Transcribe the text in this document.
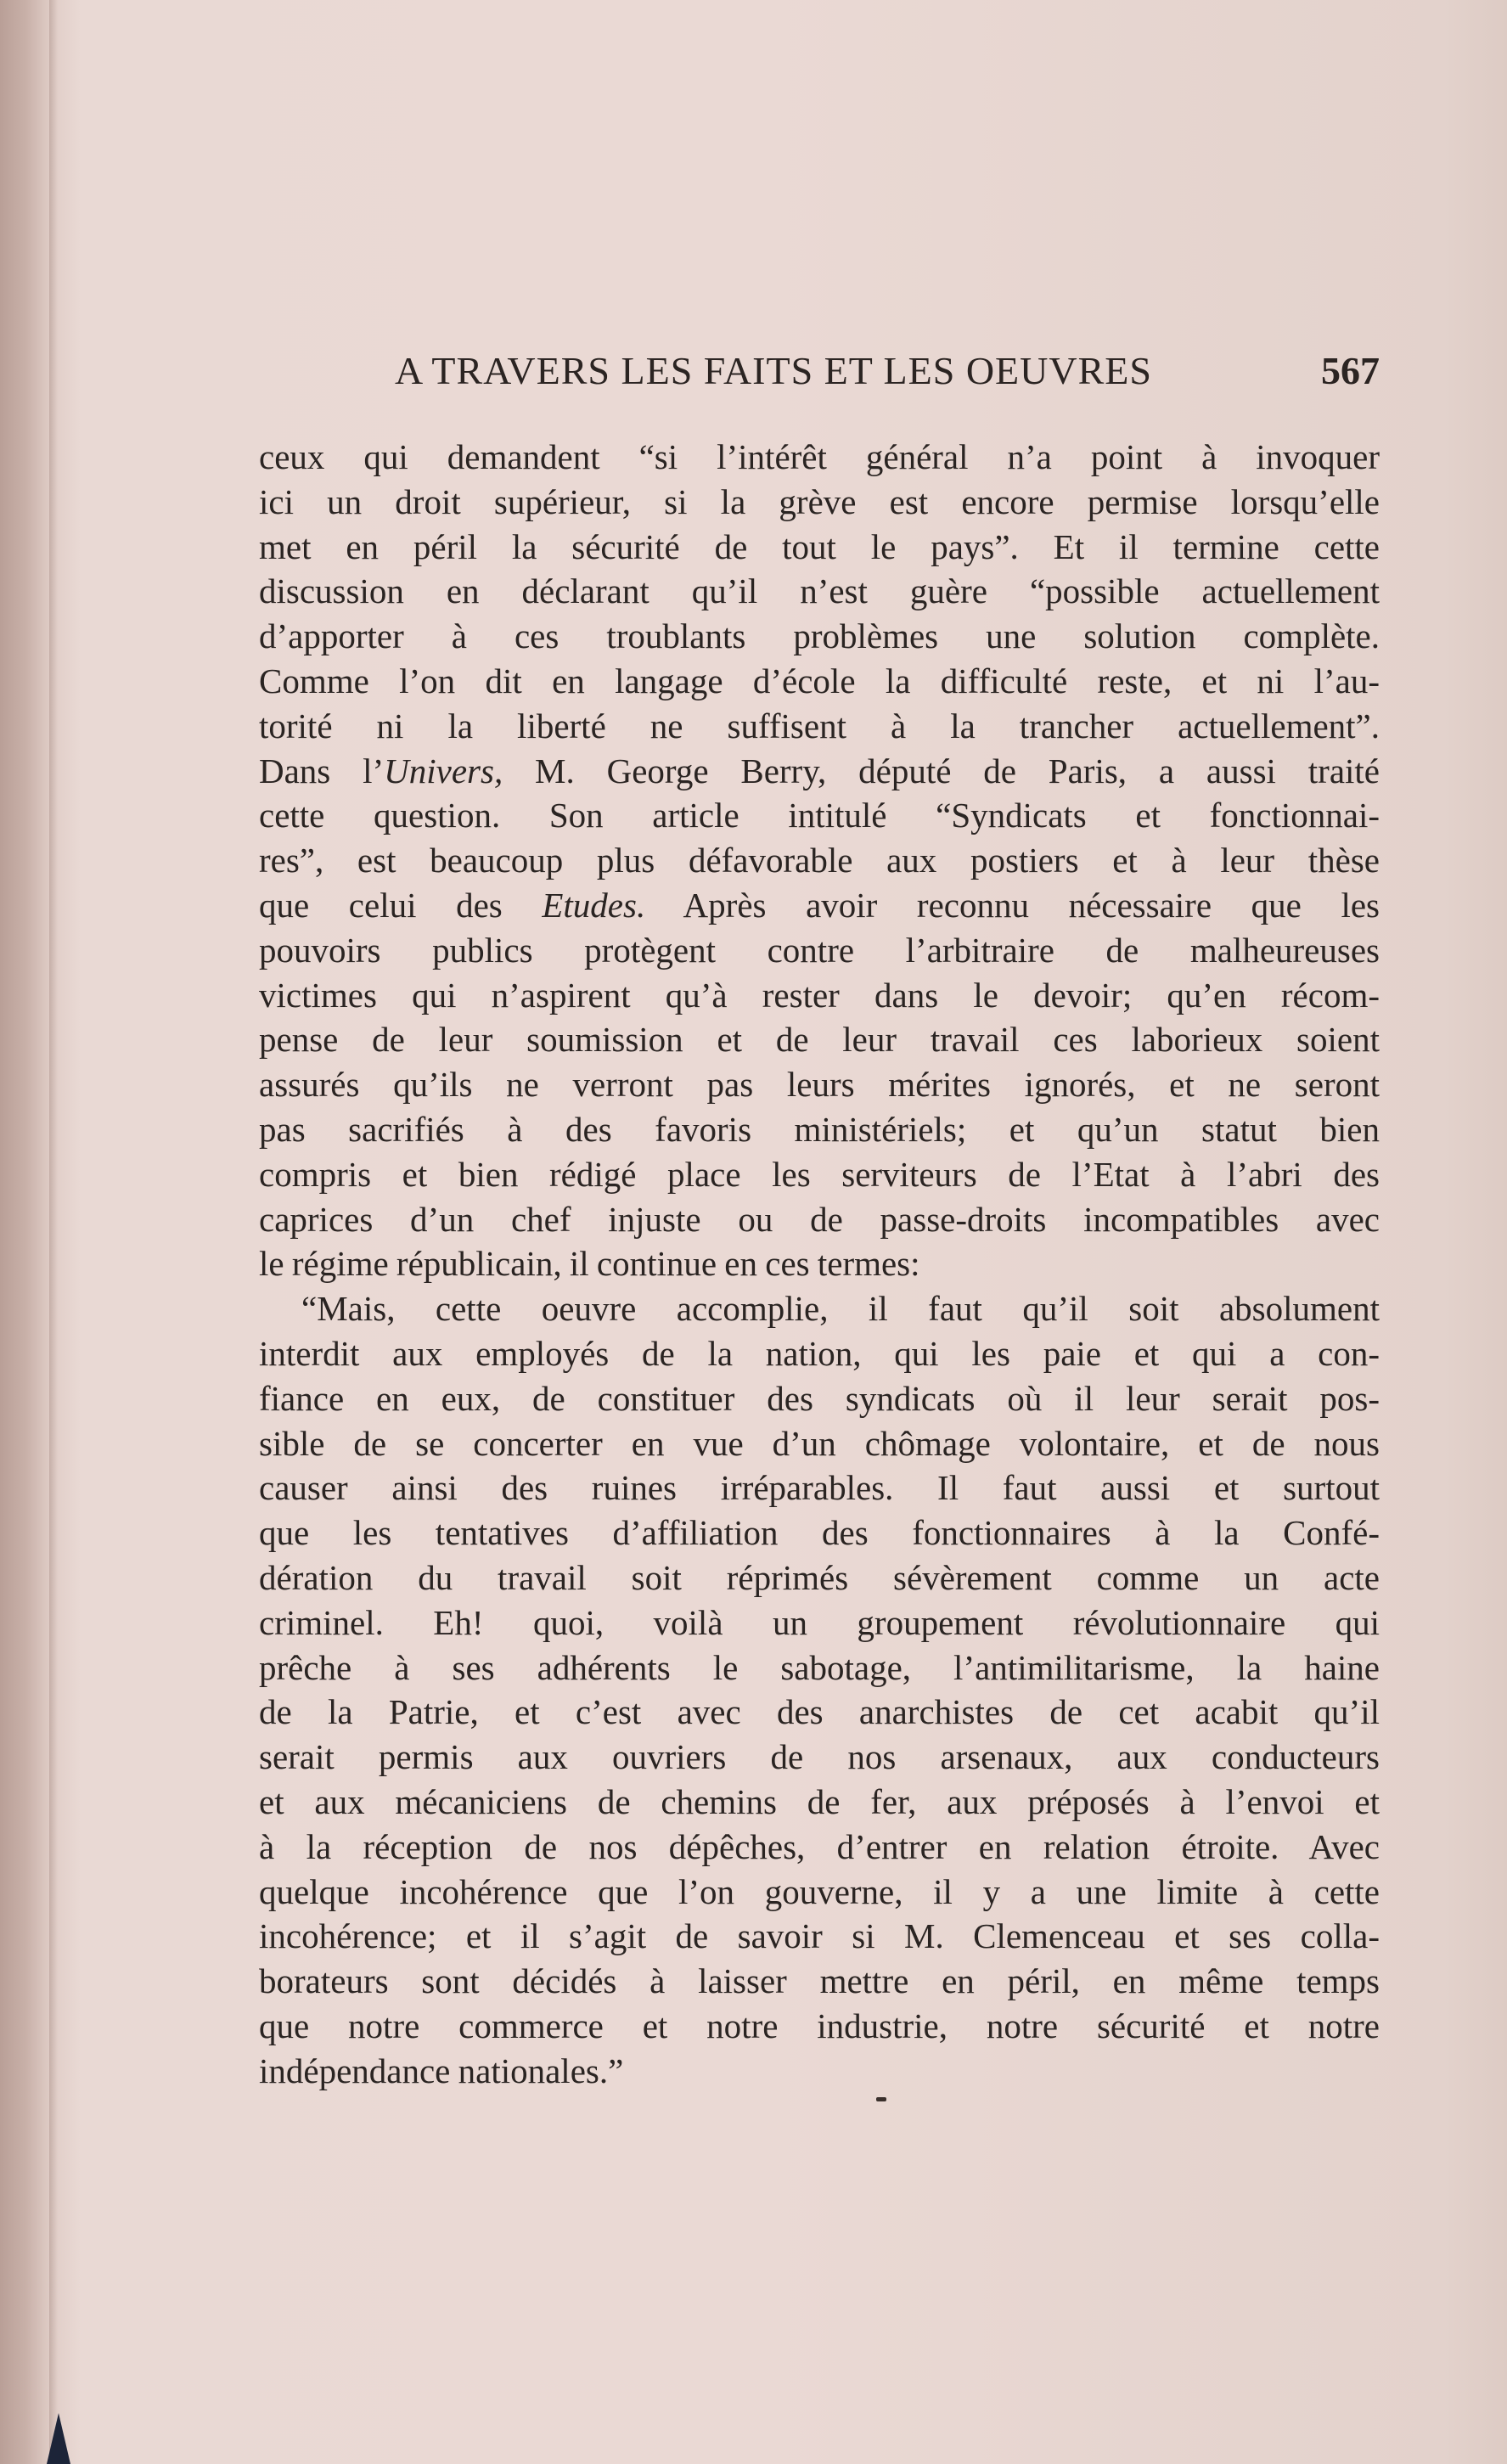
A TRAVERS LES FAITS ET LES OEUVRES	567
ceux qui demandent “si l’intérêt général n’a point à invoquer
ici un droit supérieur, si la grève est encore permise lorsqu’elle
met en péril la sécurité de tout le pays”. Et il termine cette
discussion en déclarant qu’il n’est guère “possible actuellement
d’apporter à ces troublants problèmes une solution complète.
Comme l’on dit en langage d’école la difficulté reste, et ni l’au-
torité ni la liberté ne suffisent à la trancher actuellement”.
Dans l’Univers, M. George Berry, député de Paris, a aussi traité
cette question. Son article intitulé “Syndicats et fonctionnai-
res”, est beaucoup plus défavorable aux postiers et à leur thèse
que celui des Etudes. Après avoir reconnu nécessaire que les
pouvoirs publics protègent contre l’arbitraire de malheureuses
victimes qui n’aspirent qu’à rester dans le devoir; qu’en récom-
pense de leur soumission et de leur travail ces laborieux soient
assurés qu’ils ne verront pas leurs mérites ignorés, et ne seront
pas sacrifiés à des favoris ministériels; et qu’un statut bien
compris et bien rédigé place les serviteurs de l’Etat à l’abri des
caprices d’un chef injuste ou de passe-droits incompatibles avec
le régime républicain, il continue en ces termes:
“Mais, cette oeuvre accomplie, il faut qu’il soit absolument
interdit aux employés de la nation, qui les paie et qui a con-
fiance en eux, de constituer des syndicats où il leur serait pos-
sible de se concerter en vue d’un chômage volontaire, et de nous
causer ainsi des ruines irréparables. Il faut aussi et surtout
que les tentatives d’affiliation des fonctionnaires à la Confé-
dération du travail soit réprimés sévèrement comme un acte
criminel. Eh! quoi, voilà un groupement révolutionnaire qui
prêche à ses adhérents le sabotage, l’antimilitarisme, la haine
de la Patrie, et c’est avec des anarchistes de cet acabit qu’il
serait permis aux ouvriers de nos arsenaux, aux conducteurs
et aux mécaniciens de chemins de fer, aux préposés à l’envoi et
à la réception de nos dépêches, d’entrer en relation étroite. Avec
quelque incohérence que l’on gouverne, il y a une limite à cette
incohérence; et il s’agit de savoir si M. Clemenceau et ses colla-
borateurs sont décidés à laisser mettre en péril, en même temps
que notre commerce et notre industrie, notre sécurité et notre
indépendance nationales.”
